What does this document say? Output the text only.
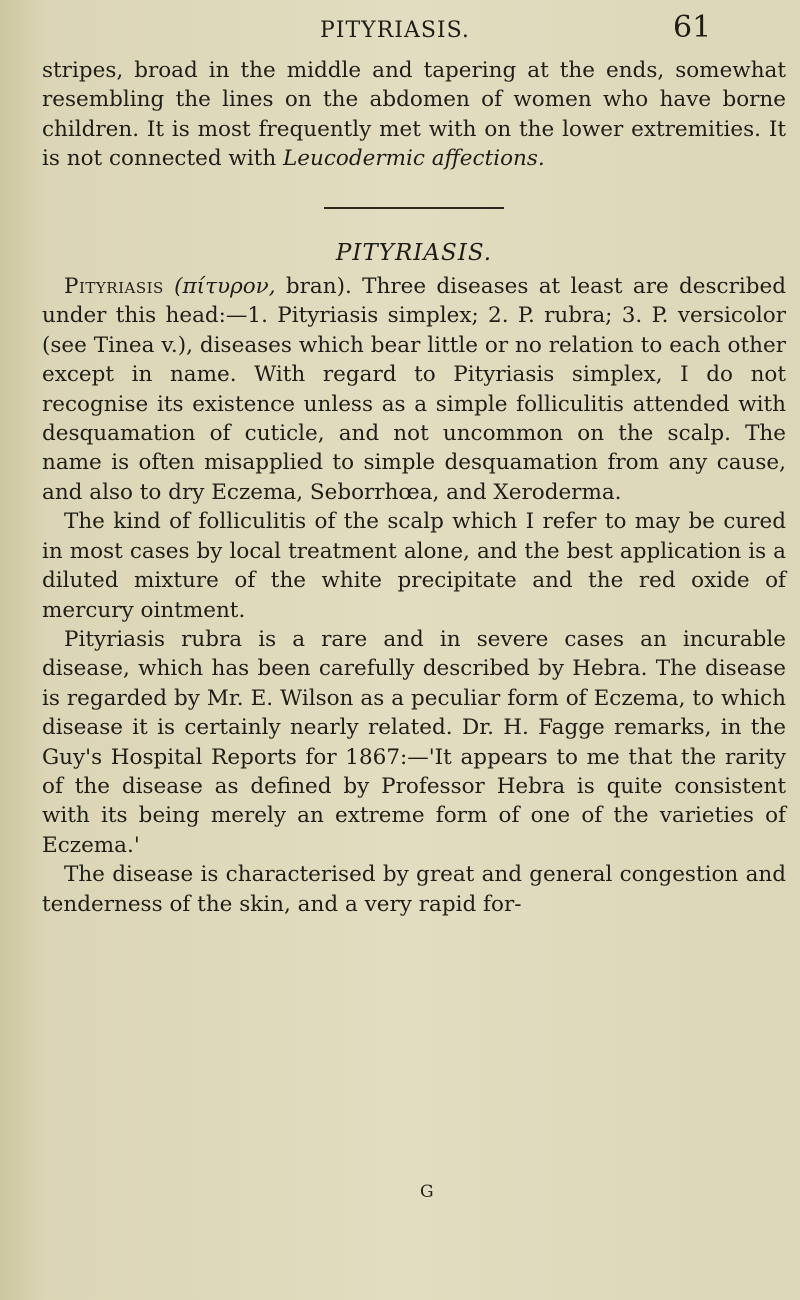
PITYRIASIS.	61

stripes, broad in the middle and tapering at the ends, somewhat resembling the lines on the abdomen of women who have borne children. It is most frequently met with on the lower extremities. It is not connected with Leucodermic affections.

PITYRIASIS.

Pityriasis (πίτυρον, bran). Three diseases at least are described under this head:—1. Pityriasis simplex; 2. P. rubra; 3. P. versicolor (see Tinea v.), diseases which bear little or no relation to each other except in name. With regard to Pityriasis simplex, I do not recognise its existence unless as a simple folliculitis attended with desquamation of cuticle, and not uncommon on the scalp. The name is often misapplied to simple desquamation from any cause, and also to dry Eczema, Seborrhœa, and Xeroderma.

The kind of folliculitis of the scalp which I refer to may be cured in most cases by local treatment alone, and the best application is a diluted mixture of the white precipitate and the red oxide of mercury ointment.

Pityriasis rubra is a rare and in severe cases an incurable disease, which has been carefully described by Hebra. The disease is regarded by Mr. E. Wilson as a peculiar form of Eczema, to which disease it is certainly nearly related. Dr. H. Fagge remarks, in the Guy's Hospital Reports for 1867:—'It appears to me that the rarity of the disease as defined by Professor Hebra is quite consistent with its being merely an extreme form of one of the varieties of Eczema.'

The disease is characterised by great and general congestion and tenderness of the skin, and a very rapid for-

G
